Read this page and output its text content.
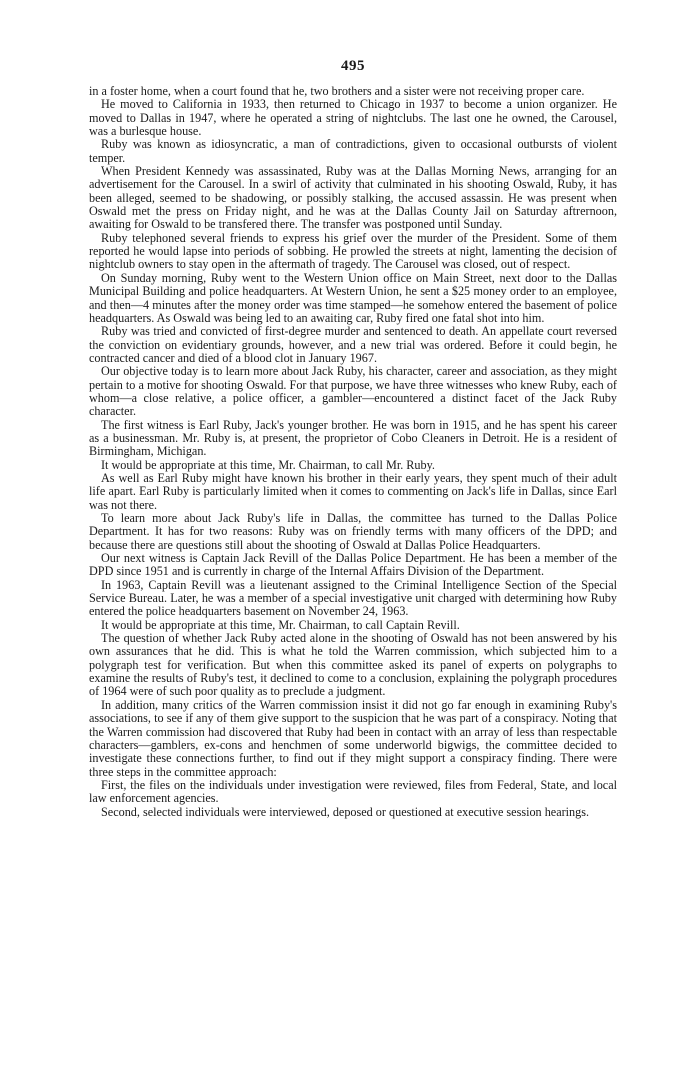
495

in a foster home, when a court found that he, two brothers and a sister were not receiving proper care.

He moved to California in 1933, then returned to Chicago in 1937 to become a union organizer. He moved to Dallas in 1947, where he operated a string of nightclubs. The last one he owned, the Carousel, was a burlesque house.

Ruby was known as idiosyncratic, a man of contradictions, given to occasional outbursts of violent temper.

When President Kennedy was assassinated, Ruby was at the Dallas Morning News, arranging for an advertisement for the Carousel. In a swirl of activity that culminated in his shooting Oswald, Ruby, it has been alleged, seemed to be shadowing, or possibly stalking, the accused assassin. He was present when Oswald met the press on Friday night, and he was at the Dallas County Jail on Saturday aftrernoon, awaiting for Oswald to be transfered there. The transfer was postponed until Sunday.

Ruby telephoned several friends to express his grief over the murder of the President. Some of them reported he would lapse into periods of sobbing. He prowled the streets at night, lamenting the decision of nightclub owners to stay open in the aftermath of tragedy. The Carousel was closed, out of respect.

On Sunday morning, Ruby went to the Western Union office on Main Street, next door to the Dallas Municipal Building and police headquarters. At Western Union, he sent a $25 money order to an employee, and then—4 minutes after the money order was time stamped—he somehow entered the basement of police headquarters. As Oswald was being led to an awaiting car, Ruby fired one fatal shot into him.

Ruby was tried and convicted of first-degree murder and sentenced to death. An appellate court reversed the conviction on evidentiary grounds, however, and a new trial was ordered. Before it could begin, he contracted cancer and died of a blood clot in January 1967.

Our objective today is to learn more about Jack Ruby, his character, career and association, as they might pertain to a motive for shooting Oswald. For that purpose, we have three witnesses who knew Ruby, each of whom—a close relative, a police officer, a gambler—encountered a distinct facet of the Jack Ruby character.

The first witness is Earl Ruby, Jack's younger brother. He was born in 1915, and he has spent his career as a businessman. Mr. Ruby is, at present, the proprietor of Cobo Cleaners in Detroit. He is a resident of Birmingham, Michigan.

It would be appropriate at this time, Mr. Chairman, to call Mr. Ruby.

As well as Earl Ruby might have known his brother in their early years, they spent much of their adult life apart. Earl Ruby is particularly limited when it comes to commenting on Jack's life in Dallas, since Earl was not there.

To learn more about Jack Ruby's life in Dallas, the committee has turned to the Dallas Police Department. It has for two reasons: Ruby was on friendly terms with many officers of the DPD; and because there are questions still about the shooting of Oswald at Dallas Police Headquarters.

Our next witness is Captain Jack Revill of the Dallas Police Department. He has been a member of the DPD since 1951 and is currently in charge of the Internal Affairs Division of the Department.

In 1963, Captain Revill was a lieutenant assigned to the Criminal Intelligence Section of the Special Service Bureau. Later, he was a member of a special investigative unit charged with determining how Ruby entered the police headquarters basement on November 24, 1963.

It would be appropriate at this time, Mr. Chairman, to call Captain Revill.

The question of whether Jack Ruby acted alone in the shooting of Oswald has not been answered by his own assurances that he did. This is what he told the Warren commission, which subjected him to a polygraph test for verification. But when this committee asked its panel of experts on polygraphs to examine the results of Ruby's test, it declined to come to a conclusion, explaining the polygraph procedures of 1964 were of such poor quality as to preclude a judgment.

In addition, many critics of the Warren commission insist it did not go far enough in examining Ruby's associations, to see if any of them give support to the suspicion that he was part of a conspiracy. Noting that the Warren commission had discovered that Ruby had been in contact with an array of less than respectable characters—gamblers, ex-cons and henchmen of some underworld bigwigs, the committee decided to investigate these connections further, to find out if they might support a conspiracy finding. There were three steps in the committee approach:

First, the files on the individuals under investigation were reviewed, files from Federal, State, and local law enforcement agencies.

Second, selected individuals were interviewed, deposed or questioned at executive session hearings.
